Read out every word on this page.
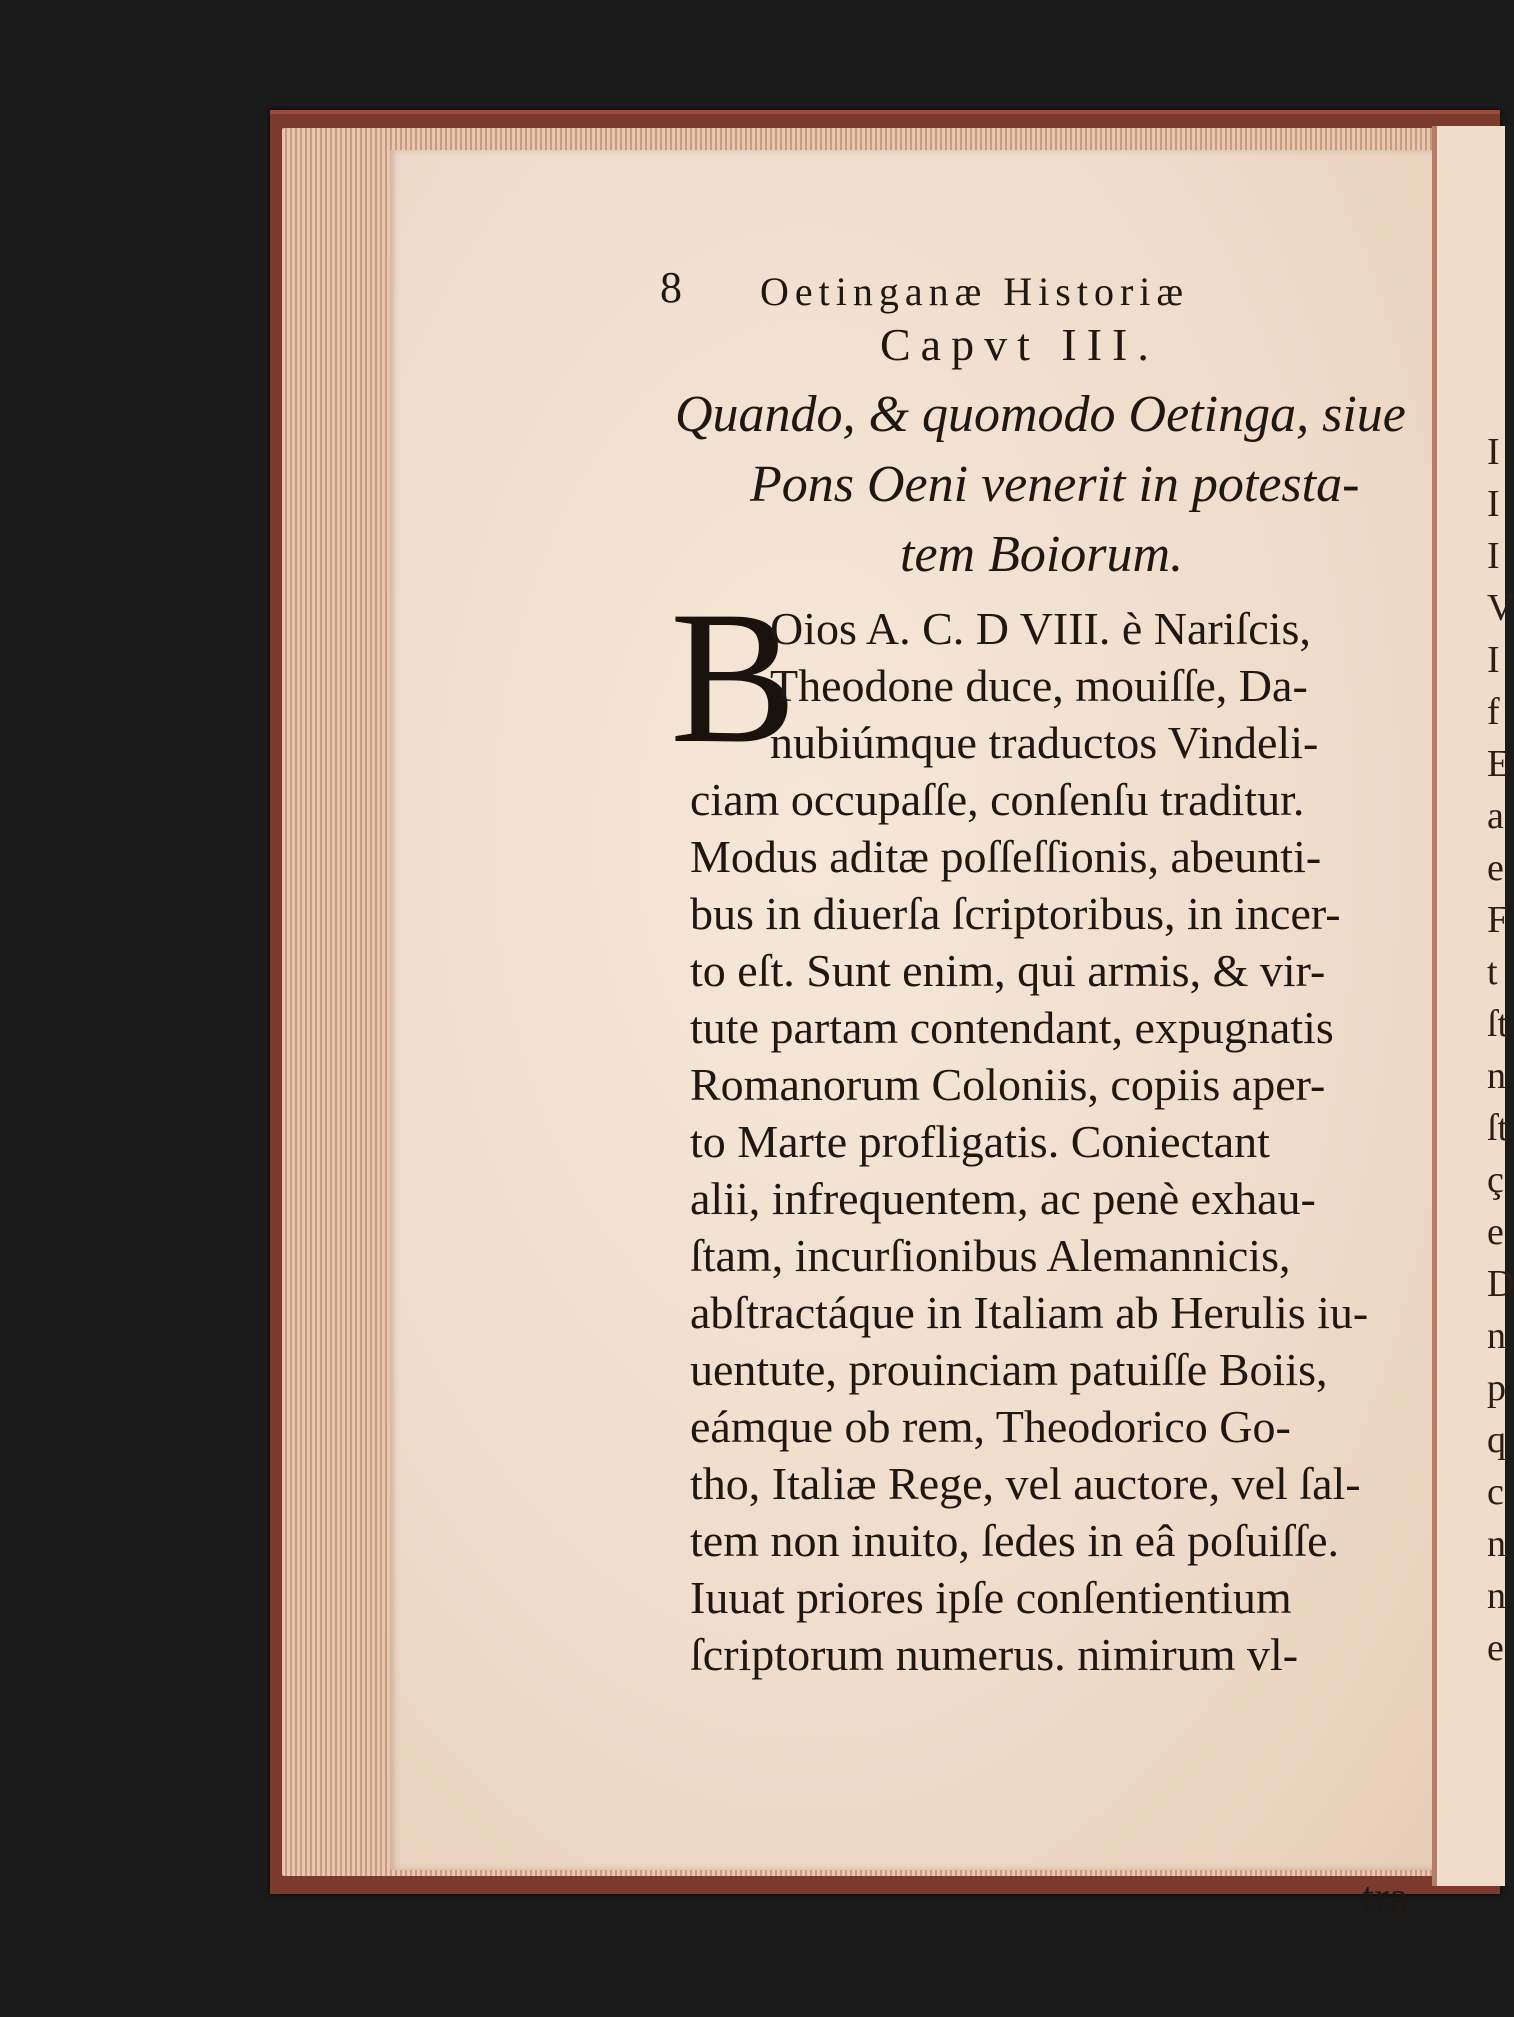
I
I
I
V
I
f
E
a
e
F
t
ſt
n
ſt
ç
e
D
n
p
q
c
n
n
e
8 Oetinganæ Historiæ
Capvt III.
Quando, & quomodo Oetinga, siue
Pons Oeni venerit in potesta-
tem Boiorum.
B
Oios A. C. D VIII. è Nariſcis,
Theodone duce, mouiſſe, Da-
nubiúmque traductos Vindeli-
ciam occupaſſe, conſenſu traditur.
Modus aditæ poſſeſſionis, abeunti-
bus in diuerſa ſcriptoribus, in incer-
to eſt. Sunt enim, qui armis, & vir-
tute partam contendant, expugnatis
Romanorum Coloniis, copiis aper-
to Marte profligatis. Coniectant
alii, infrequentem, ac penè exhau-
ſtam, incurſionibus Alemannicis,
abſtractáque in Italiam ab Herulis iu-
uentute, prouinciam patuiſſe Boiis,
eámque ob rem, Theodorico Go-
tho, Italiæ Rege, vel auctore, vel ſal-
tem non inuito, ſedes in eâ poſuiſſe.
Iuuat priores ipſe conſentientium
ſcriptorum numerus. nimirum vl-
tra
